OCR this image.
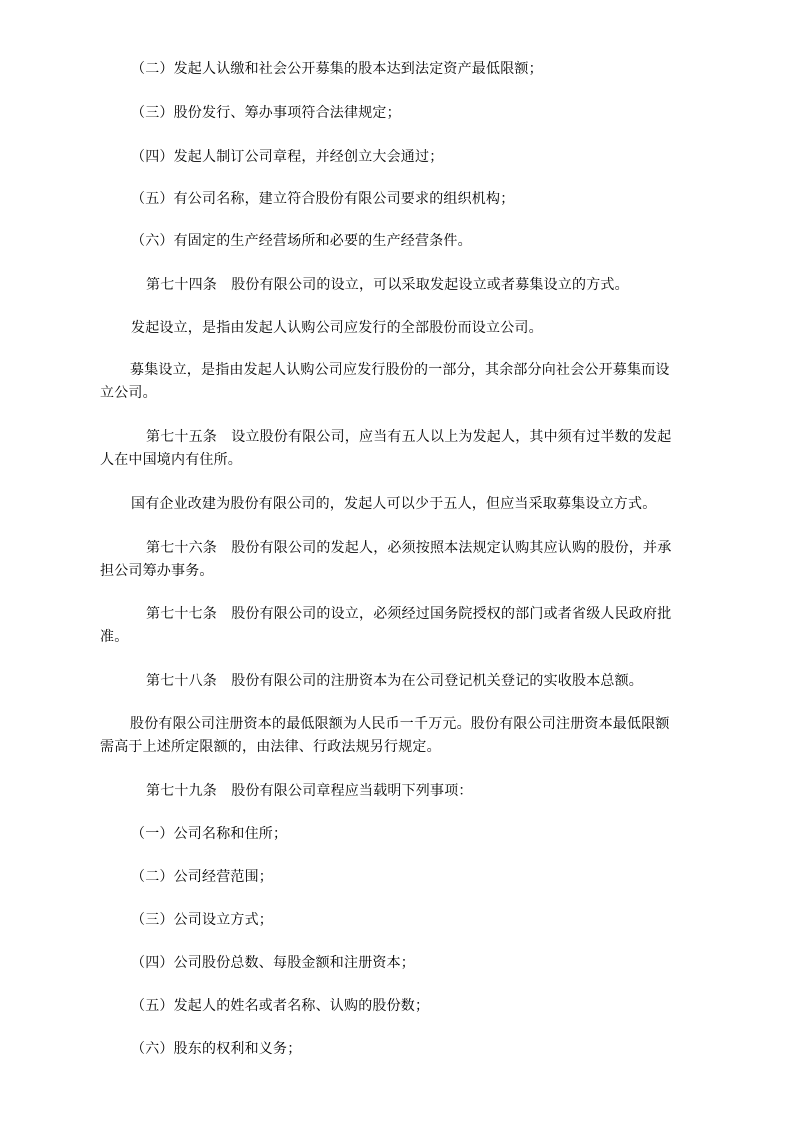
（二）发起人认缴和社会公开募集的股本达到法定资产最低限额；
（三）股份发行、筹办事项符合法律规定；
（四）发起人制订公司章程，并经创立大会通过；
（五）有公司名称，建立符合股份有限公司要求的组织机构；
（六）有固定的生产经营场所和必要的生产经营条件。
第七十四条　股份有限公司的设立，可以采取发起设立或者募集设立的方式。
发起设立，是指由发起人认购公司应发行的全部股份而设立公司。
募集设立，是指由发起人认购公司应发行股份的一部分，其余部分向社会公开募集而设
立公司。
第七十五条　设立股份有限公司，应当有五人以上为发起人，其中须有过半数的发起
人在中国境内有住所。
国有企业改建为股份有限公司的，发起人可以少于五人，但应当采取募集设立方式。
第七十六条　股份有限公司的发起人，必须按照本法规定认购其应认购的股份，并承
担公司筹办事务。
第七十七条　股份有限公司的设立，必须经过国务院授权的部门或者省级人民政府批
准。
第七十八条　股份有限公司的注册资本为在公司登记机关登记的实收股本总额。
股份有限公司注册资本的最低限额为人民币一千万元。股份有限公司注册资本最低限额
需高于上述所定限额的，由法律、行政法规另行规定。
第七十九条　股份有限公司章程应当载明下列事项：
（一）公司名称和住所；
（二）公司经营范围；
（三）公司设立方式；
（四）公司股份总数、每股金额和注册资本；
（五）发起人的姓名或者名称、认购的股份数；
（六）股东的权利和义务；
